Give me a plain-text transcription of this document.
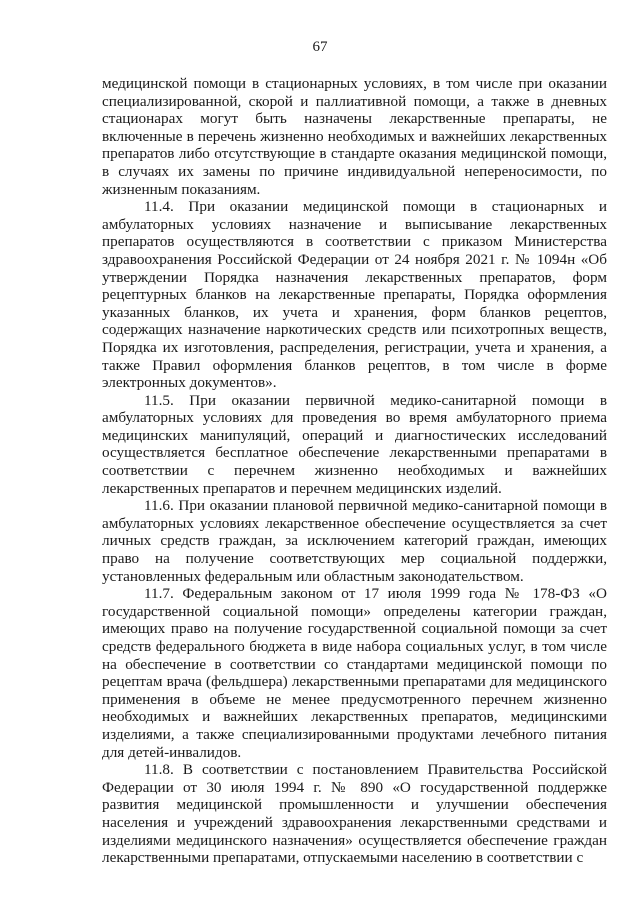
67

медицинской помощи в стационарных условиях, в том числе при оказании специализированной, скорой и паллиативной помощи, а также в дневных стационарах могут быть назначены лекарственные препараты, не включенные в перечень жизненно необходимых и важнейших лекарственных препаратов либо отсутствующие в стандарте оказания медицинской помощи, в случаях их замены по причине индивидуальной непереносимости, по жизненным показаниям.

11.4. При оказании медицинской помощи в стационарных и амбулаторных условиях назначение и выписывание лекарственных препаратов осуществляются в соответствии с приказом Министерства здравоохранения Российской Федерации от 24 ноября 2021 г. № 1094н «Об утверждении Порядка назначения лекарственных препаратов, форм рецептурных бланков на лекарственные препараты, Порядка оформления указанных бланков, их учета и хранения, форм бланков рецептов, содержащих назначение наркотических средств или психотропных веществ, Порядка их изготовления, распределения, регистрации, учета и хранения, а также Правил оформления бланков рецептов, в том числе в форме электронных документов».

11.5. При оказании первичной медико-санитарной помощи в амбулаторных условиях для проведения во время амбулаторного приема медицинских манипуляций, операций и диагностических исследований осуществляется бесплатное обеспечение лекарственными препаратами в соответствии с перечнем жизненно необходимых и важнейших лекарственных препаратов и перечнем медицинских изделий.

11.6. При оказании плановой первичной медико-санитарной помощи в амбулаторных условиях лекарственное обеспечение осуществляется за счет личных средств граждан, за исключением категорий граждан, имеющих право на получение соответствующих мер социальной поддержки, установленных федеральным или областным законодательством.

11.7. Федеральным законом от 17 июля 1999 года № 178-ФЗ «О государственной социальной помощи» определены категории граждан, имеющих право на получение государственной социальной помощи за счет средств федерального бюджета в виде набора социальных услуг, в том числе на обеспечение в соответствии со стандартами медицинской помощи по рецептам врача (фельдшера) лекарственными препаратами для медицинского применения в объеме не менее предусмотренного перечнем жизненно необходимых и важнейших лекарственных препаратов, медицинскими изделиями, а также специализированными продуктами лечебного питания для детей-инвалидов.

11.8. В соответствии с постановлением Правительства Российской Федерации от 30 июля 1994 г. № 890 «О государственной поддержке развития медицинской промышленности и улучшении обеспечения населения и учреждений здравоохранения лекарственными средствами и изделиями медицинского назначения» осуществляется обеспечение граждан лекарственными препаратами, отпускаемыми населению в соответствии с
